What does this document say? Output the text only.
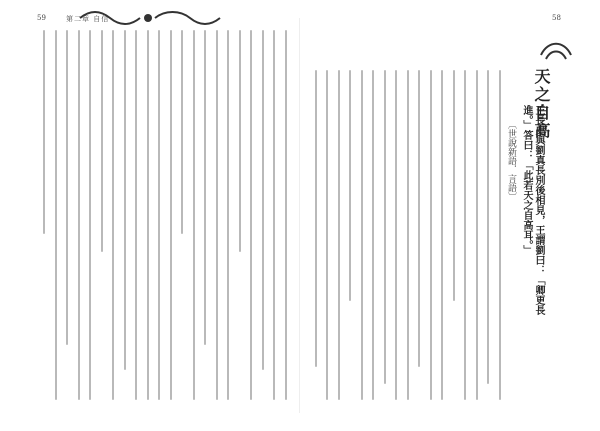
59	第二章 自信	58
天之自高
王長史與劉真長別後相見，王謂劉曰：「卿更長進。」答曰：「此若天之自高耳。」
〔世說新語．言語〕
